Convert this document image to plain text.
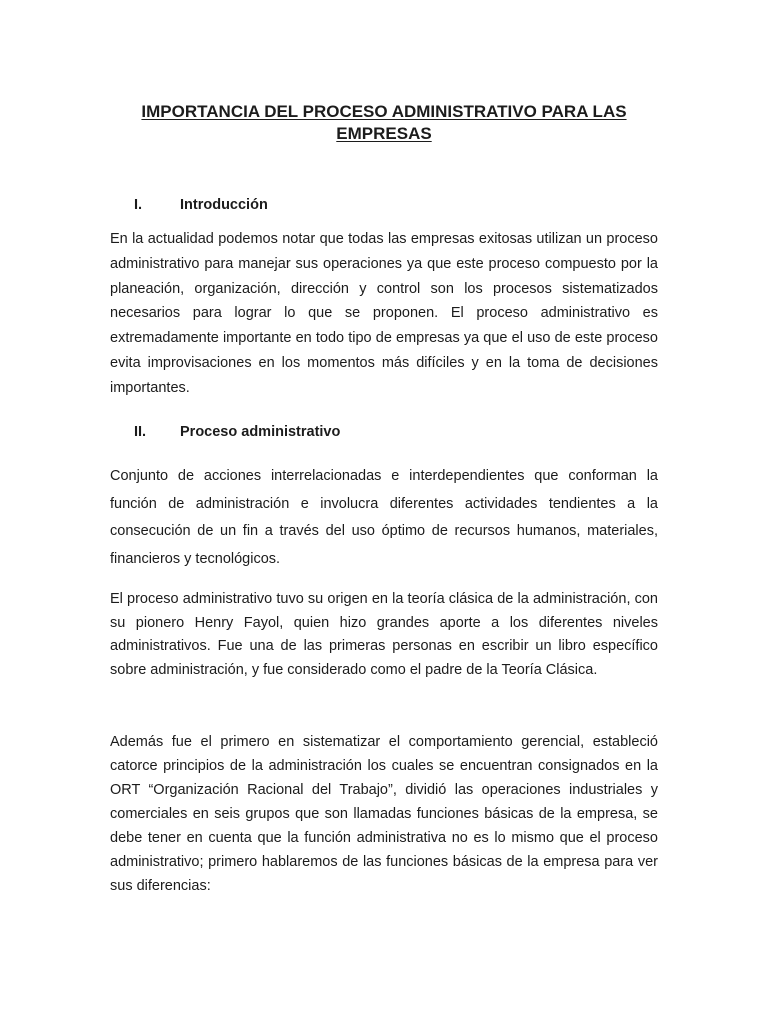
IMPORTANCIA DEL PROCESO ADMINISTRATIVO PARA LAS EMPRESAS
I.	Introducción

En la actualidad podemos notar que todas las empresas exitosas utilizan un proceso administrativo para manejar sus operaciones ya que este proceso compuesto por la planeación, organización, dirección y control son los procesos sistematizados necesarios para lograr lo que se proponen. El proceso administrativo es extremadamente importante en todo tipo de empresas ya que el uso de este proceso evita improvisaciones en los momentos más difíciles y en la toma de decisiones importantes.

II. Proceso administrativo

Conjunto de acciones interrelacionadas e interdependientes que conforman la función de administración e involucra diferentes actividades tendientes a la consecución de un fin a través del uso óptimo de recursos humanos, materiales, financieros y tecnológicos.

El proceso administrativo tuvo su origen en la teoría clásica de la administración, con su pionero Henry Fayol, quien hizo grandes aporte a los diferentes niveles administrativos. Fue una de las primeras personas en escribir un libro específico sobre administración, y fue considerado como el padre de la Teoría Clásica.

Además fue el primero en sistematizar el comportamiento gerencial, estableció catorce principios de la administración los cuales se encuentran consignados en la ORT “Organización Racional del Trabajo”, dividió las operaciones industriales y comerciales en seis grupos que son llamadas funciones básicas de la empresa, se debe tener en cuenta que la función administrativa no es lo mismo que el proceso administrativo; primero hablaremos de las funciones básicas de la empresa para ver sus diferencias:
